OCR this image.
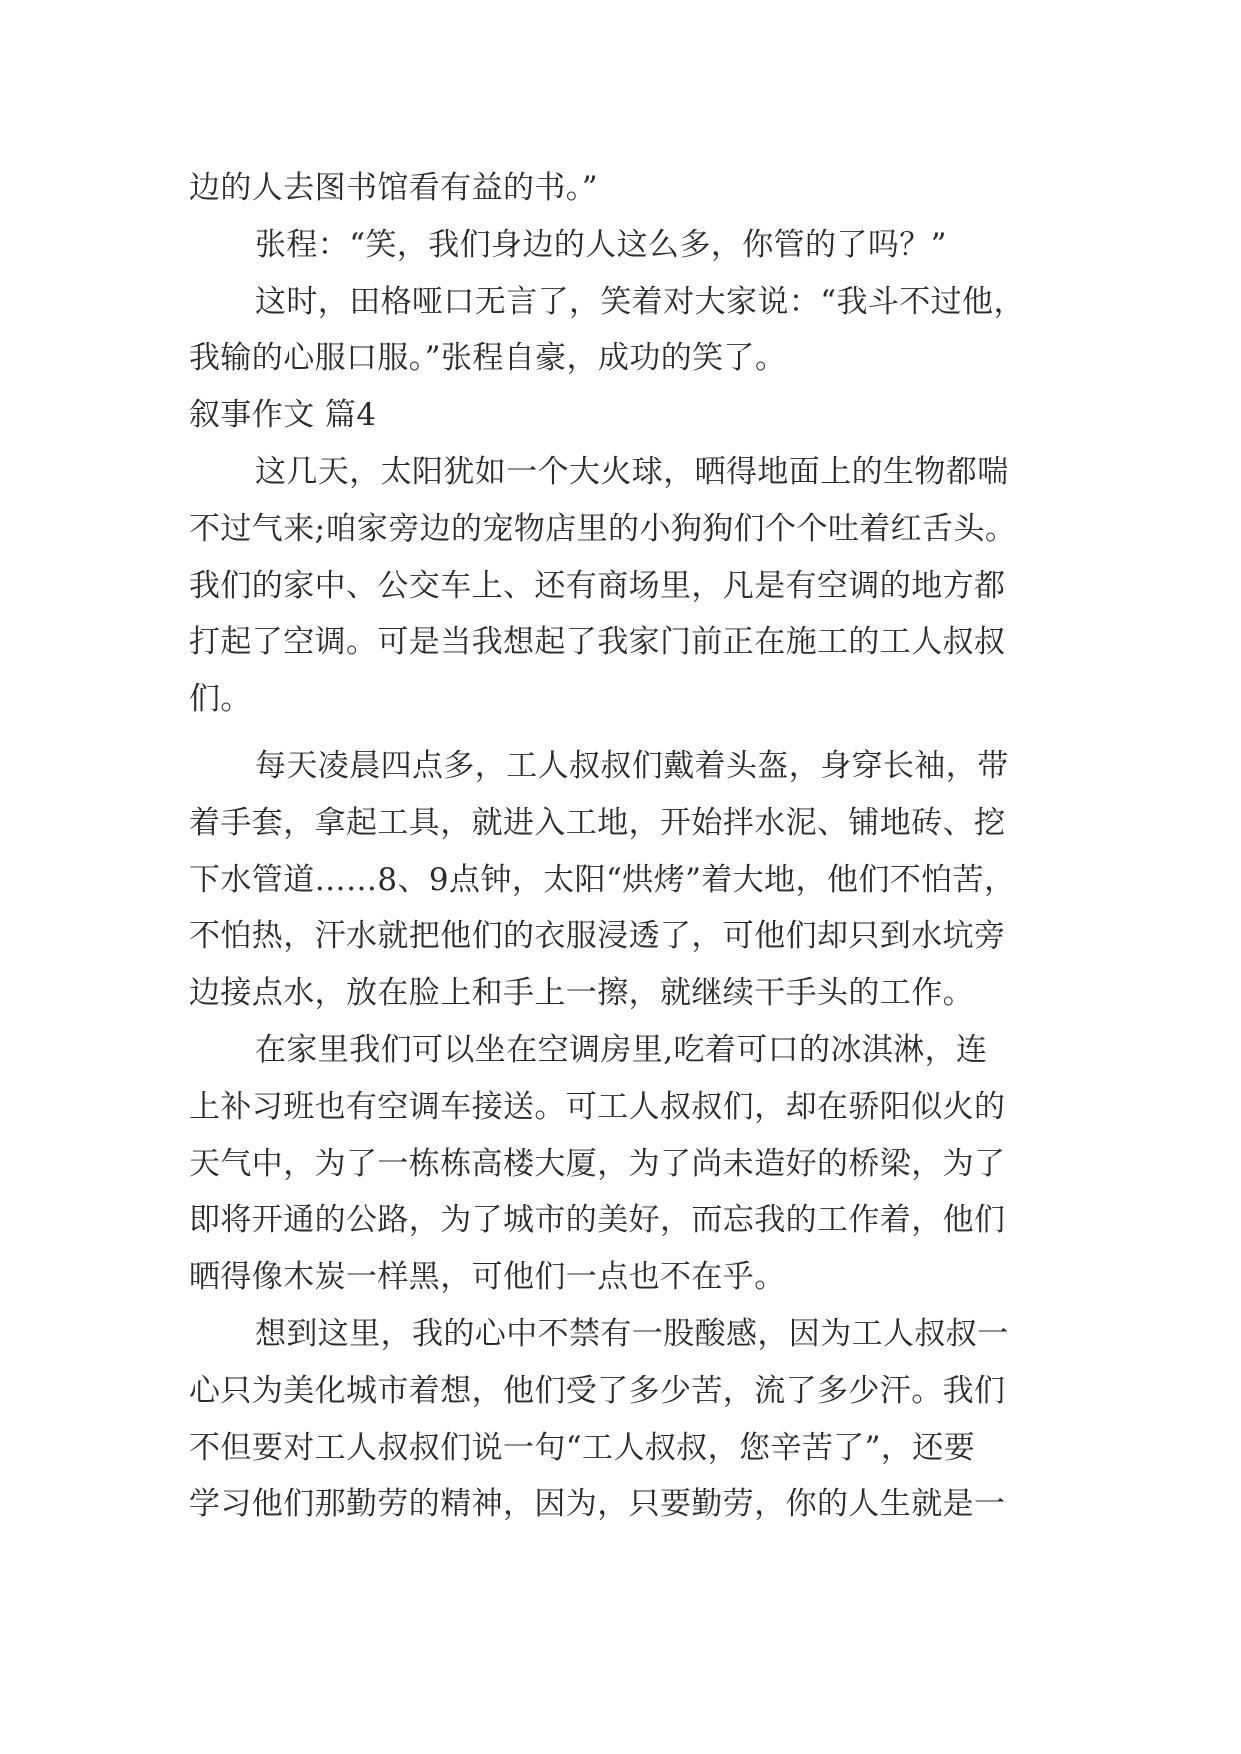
边的人去图书馆看有益的书。”
张程：“笑，我们身边的人这么多，你管的了吗？”
这时，田格哑口无言了，笑着对大家说：“我斗不过他，
我输的心服口服。”张程自豪，成功的笑了。
叙事作文 篇4
这几天，太阳犹如一个大火球，晒得地面上的生物都喘
不过气来;咱家旁边的宠物店里的小狗狗们个个吐着红舌头。
我们的家中、公交车上、还有商场里，凡是有空调的地方都
打起了空调。可是当我想起了我家门前正在施工的工人叔叔
们。
每天凌晨四点多，工人叔叔们戴着头盔，身穿长袖，带
着手套，拿起工具，就进入工地，开始拌水泥、铺地砖、挖
下水管道……8、9点钟，太阳“烘烤”着大地，他们不怕苦，
不怕热，汗水就把他们的衣服浸透了，可他们却只到水坑旁
边接点水，放在脸上和手上一擦，就继续干手头的工作。
在家里我们可以坐在空调房里,吃着可口的冰淇淋，连
上补习班也有空调车接送。可工人叔叔们，却在骄阳似火的
天气中，为了一栋栋高楼大厦，为了尚未造好的桥梁，为了
即将开通的公路，为了城市的美好，而忘我的工作着，他们
晒得像木炭一样黑，可他们一点也不在乎。
想到这里，我的心中不禁有一股酸感，因为工人叔叔一
心只为美化城市着想，他们受了多少苦，流了多少汗。我们
不但要对工人叔叔们说一句“工人叔叔，您辛苦了”，还要
学习他们那勤劳的精神，因为，只要勤劳，你的人生就是一
